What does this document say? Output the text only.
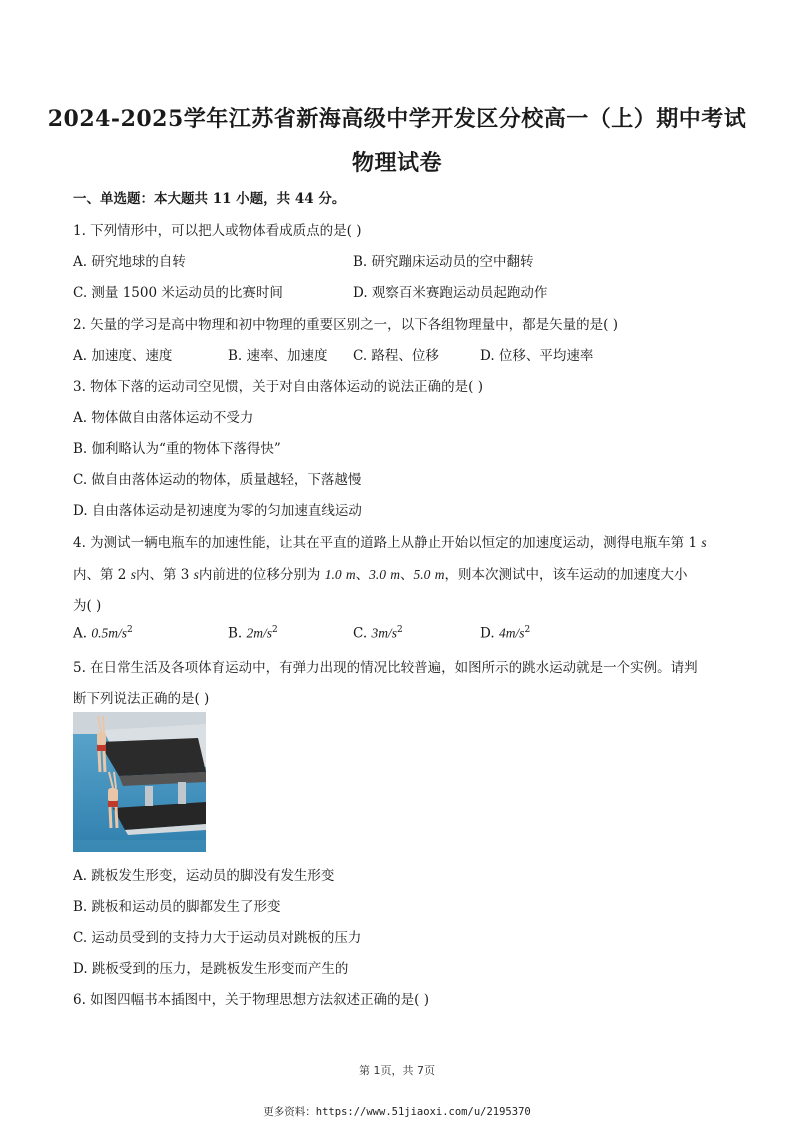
2024-2025学年江苏省新海高级中学开发区分校高一（上）期中考试
物理试卷
一、单选题：本大题共 11 小题，共 44 分。
1. 下列情形中，可以把人或物体看成质点的是( )
A. 研究地球的自转	B. 研究蹦床运动员的空中翻转
C. 测量 1500 米运动员的比赛时间	D. 观察百米赛跑运动员起跑动作
2. 矢量的学习是高中物理和初中物理的重要区别之一，以下各组物理量中，都是矢量的是( )
A. 加速度、速度	B. 速率、加速度 C. 路程、位移	D. 位移、平均速率
3. 物体下落的运动司空见惯，关于对自由落体运动的说法正确的是( )
A. 物体做自由落体运动不受力
B. 伽利略认为“重的物体下落得快”
C. 做自由落体运动的物体，质量越轻，下落越慢
D. 自由落体运动是初速度为零的匀加速直线运动
4. 为测试一辆电瓶车的加速性能，让其在平直的道路上从静止开始以恒定的加速度运动，测得电瓶车第 1 s
内、第 2 s内、第 3 s内前进的位移分别为 1.0 m、3.0 m、5.0 m，则本次测试中，该车运动的加速度大小
为( )
A. $0.5m/s^2$	B. $2m/s^2$	C. $3m/s^2$	D. $4m/s^2$
5. 在日常生活及各项体育运动中，有弹力出现的情况比较普遍，如图所示的跳水运动就是一个实例。请判
断下列说法正确的是( )
A. 跳板发生形变，运动员的脚没有发生形变
B. 跳板和运动员的脚都发生了形变
C. 运动员受到的支持力大于运动员对跳板的压力
D. 跳板受到的压力，是跳板发生形变而产生的
6. 如图四幅书本插图中，关于物理思想方法叙述正确的是( )
第 1页，共 7页
更多资料：https://www.51jiaoxi.com/u/2195370
